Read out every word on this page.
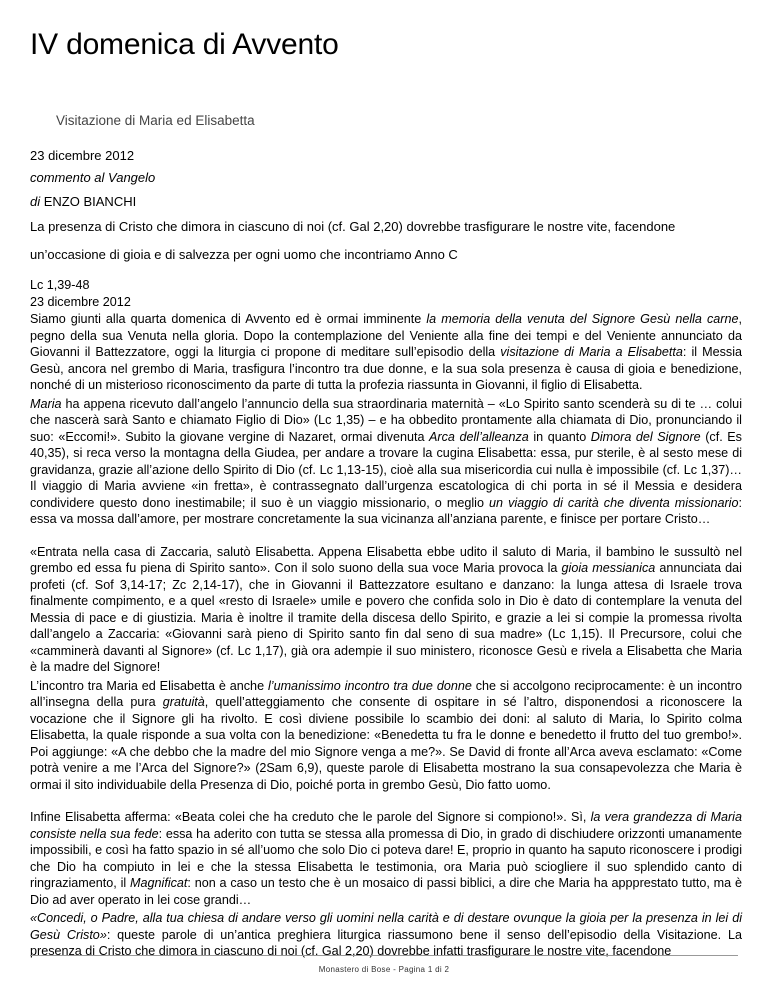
IV domenica di Avvento
Visitazione di Maria ed Elisabetta
23 dicembre 2012
commento al Vangelo
di ENZO BIANCHI
La presenza di Cristo che dimora in ciascuno di noi (cf. Gal 2,20) dovrebbe trasfigurare le nostre vite, facendone
un’occasione di gioia e di salvezza per ogni uomo che incontriamo Anno C
Lc 1,39-48
23 dicembre 2012

Siamo giunti alla quarta domenica di Avvento ed è ormai imminente la memoria della venuta del Signore Gesù nella carne, pegno della sua Venuta nella gloria. Dopo la contemplazione del Veniente alla fine dei tempi e del Veniente annunciato da Giovanni il Battezzatore, oggi la liturgia ci propone di meditare sull’episodio della visitazione di Maria a Elisabetta: il Messia Gesù, ancora nel grembo di Maria, trasfigura l’incontro tra due donne, e la sua sola presenza è causa di gioia e benedizione, nonché di un misterioso riconoscimento da parte di tutta la profezia riassunta in Giovanni, il figlio di Elisabetta.

Maria ha appena ricevuto dall’angelo l’annuncio della sua straordinaria maternità – «Lo Spirito santo scenderà su di te … colui che nascerà sarà Santo e chiamato Figlio di Dio» (Lc 1,35) – e ha obbedito prontamente alla chiamata di Dio, pronunciando il suo: «Eccomi!». Subito la giovane vergine di Nazaret, ormai divenuta Arca dell’alleanza in quanto Dimora del Signore (cf. Es 40,35), si reca verso la montagna della Giudea, per andare a trovare la cugina Elisabetta: essa, pur sterile, è al sesto mese di gravidanza, grazie all’azione dello Spirito di Dio (cf. Lc 1,13-15), cioè alla sua misericordia cui nulla è impossibile (cf. Lc 1,37)… Il viaggio di Maria avviene «in fretta», è contrassegnato dall’urgenza escatologica di chi porta in sé il Messia e desidera condividere questo dono inestimabile; il suo è un viaggio missionario, o meglio un viaggio di carità che diventa missionario: essa va mossa dall’amore, per mostrare concretamente la sua vicinanza all’anziana parente, e finisce per portare Cristo…

«Entrata nella casa di Zaccaria, salutò Elisabetta. Appena Elisabetta ebbe udito il saluto di Maria, il bambino le sussultò nel grembo ed essa fu piena di Spirito santo». Con il solo suono della sua voce Maria provoca la gioia messianica annunciata dai profeti (cf. Sof 3,14-17; Zc 2,14-17), che in Giovanni il Battezzatore esultano e danzano: la lunga attesa di Israele trova finalmente compimento, e a quel «resto di Israele» umile e povero che confida solo in Dio è dato di contemplare la venuta del Messia di pace e di giustizia. Maria è inoltre il tramite della discesa dello Spirito, e grazie a lei si compie la promessa rivolta dall’angelo a Zaccaria: «Giovanni sarà pieno di Spirito santo fin dal seno di sua madre» (Lc 1,15). Il Precursore, colui che «camminerà davanti al Signore» (cf. Lc 1,17), già ora adempie il suo ministero, riconosce Gesù e rivela a Elisabetta che Maria è la madre del Signore!

L’incontro tra Maria ed Elisabetta è anche l’umanissimo incontro tra due donne che si accolgono reciprocamente: è un incontro all’insegna della pura gratuità, quell’atteggiamento che consente di ospitare in sé l’altro, disponendosi a riconoscere la vocazione che il Signore gli ha rivolto. E così diviene possibile lo scambio dei doni: al saluto di Maria, lo Spirito colma Elisabetta, la quale risponde a sua volta con la benedizione: «Benedetta tu fra le donne e benedetto il frutto del tuo grembo!». Poi aggiunge: «A che debbo che la madre del mio Signore venga a me?». Se David di fronte all’Arca aveva esclamato: «Come potrà venire a me l’Arca del Signore?» (2Sam 6,9), queste parole di Elisabetta mostrano la sua consapevolezza che Maria è ormai il sito individuabile della Presenza di Dio, poiché porta in grembo Gesù, Dio fatto uomo.

Infine Elisabetta afferma: «Beata colei che ha creduto che le parole del Signore si compiono!». Sì, la vera grandezza di Maria consiste nella sua fede: essa ha aderito con tutta se stessa alla promessa di Dio, in grado di dischiudere orizzonti umanamente impossibili, e così ha fatto spazio in sé all’uomo che solo Dio ci poteva dare! E, proprio in quanto ha saputo riconoscere i prodigi che Dio ha compiuto in lei e che la stessa Elisabetta le testimonia, ora Maria può sciogliere il suo splendido canto di ringraziamento, il Magnificat: non a caso un testo che è un mosaico di passi biblici, a dire che Maria ha appprestato tutto, ma è Dio ad aver operato in lei cose grandi…

«Concedi, o Padre, alla tua chiesa di andare verso gli uomini nella carità e di destare ovunque la gioia per la presenza in lei di Gesù Cristo»: queste parole di un’antica preghiera liturgica riassumono bene il senso dell’episodio della Visitazione. La presenza di Cristo che dimora in ciascuno di noi (cf. Gal 2,20) dovrebbe infatti trasfigurare le nostre vite, facendone

Monastero di Bose - Pagina 1 di 2
